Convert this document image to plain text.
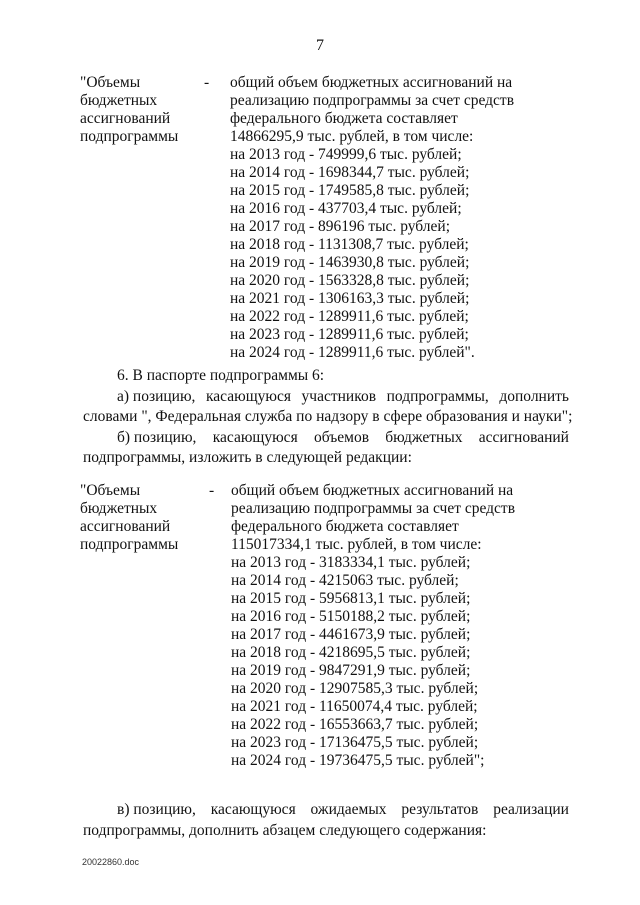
7
"Объемы
бюджетных
ассигнований
подпрограммы
- общий объем бюджетных ассигнований на
реализацию подпрограммы за счет средств
федерального бюджета составляет
14866295,9 тыс. рублей, в том числе:
на 2013 год - 749999,6 тыс. рублей;
на 2014 год - 1698344,7 тыс. рублей;
на 2015 год - 1749585,8 тыс. рублей;
на 2016 год - 437703,4 тыс. рублей;
на 2017 год - 896196 тыс. рублей;
на 2018 год - 1131308,7 тыс. рублей;
на 2019 год - 1463930,8 тыс. рублей;
на 2020 год - 1563328,8 тыс. рублей;
на 2021 год - 1306163,3 тыс. рублей;
на 2022 год - 1289911,6 тыс. рублей;
на 2023 год - 1289911,6 тыс. рублей;
на 2024 год - 1289911,6 тыс. рублей".
6. В паспорте подпрограммы 6:
а) позицию, касающуюся участников подпрограммы, дополнить
словами ", Федеральная служба по надзору в сфере образования и науки";
б) позицию, касающуюся объемов бюджетных ассигнований
подпрограммы, изложить в следующей редакции:
"Объемы
бюджетных
ассигнований
подпрограммы
- общий объем бюджетных ассигнований на
реализацию подпрограммы за счет средств
федерального бюджета составляет
115017334,1 тыс. рублей, в том числе:
на 2013 год - 3183334,1 тыс. рублей;
на 2014 год - 4215063 тыс. рублей;
на 2015 год - 5956813,1 тыс. рублей;
на 2016 год - 5150188,2 тыс. рублей;
на 2017 год - 4461673,9 тыс. рублей;
на 2018 год - 4218695,5 тыс. рублей;
на 2019 год - 9847291,9 тыс. рублей;
на 2020 год - 12907585,3 тыс. рублей;
на 2021 год - 11650074,4 тыс. рублей;
на 2022 год - 16553663,7 тыс. рублей;
на 2023 год - 17136475,5 тыс. рублей;
на 2024 год - 19736475,5 тыс. рублей";
в) позицию, касающуюся ожидаемых результатов реализации
подпрограммы, дополнить абзацем следующего содержания:
20022860.doc
